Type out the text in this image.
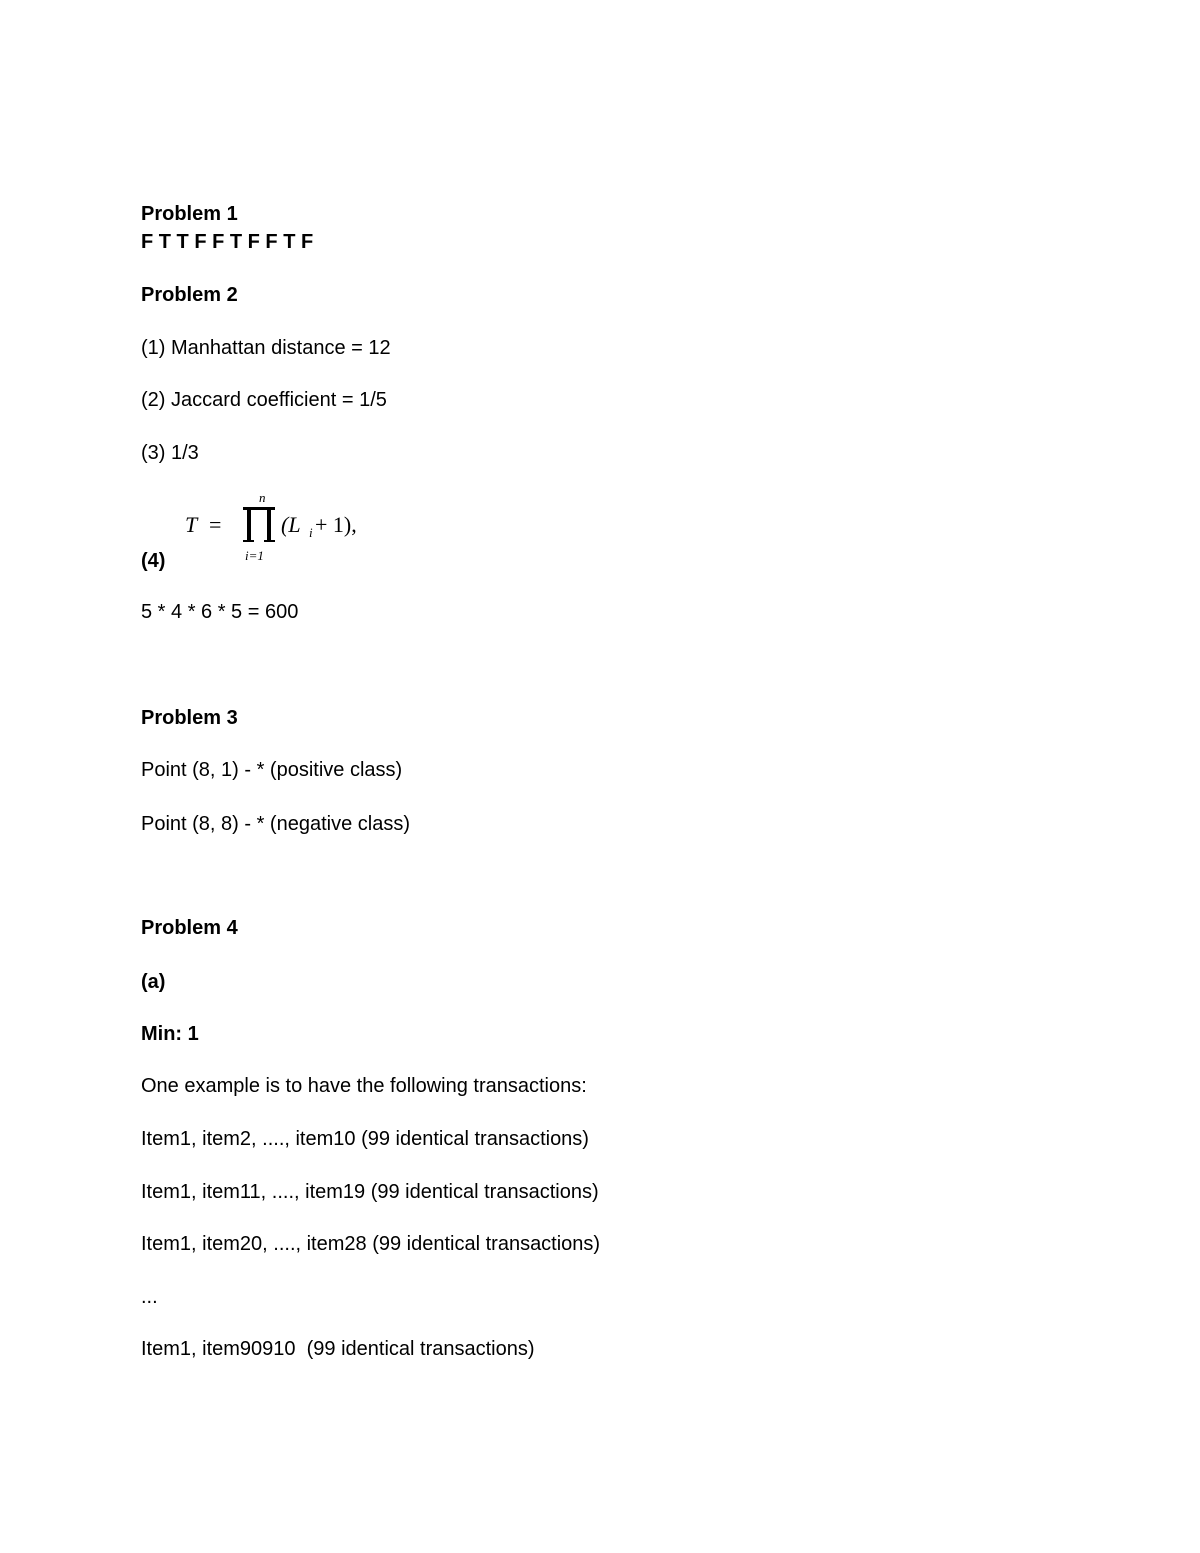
Problem 1
F T T F F T F F T F
Problem 2
(1) Manhattan distance = 12
(2) Jaccard coefficient = 1/5
(3) 1/3
T =
n
i=1
(L i + 1),
(4)
5 * 4 * 6 * 5 = 600
Problem 3
Point (8, 1) - * (positive class)
Point (8, 8) - * (negative class)
Problem 4
(a)
Min: 1
One example is to have the following transactions:
Item1, item2, ...., item10 (99 identical transactions)
Item1, item11, ...., item19 (99 identical transactions)
Item1, item20, ...., item28 (99 identical transactions)
...
Item1, item90910  (99 identical transactions)
